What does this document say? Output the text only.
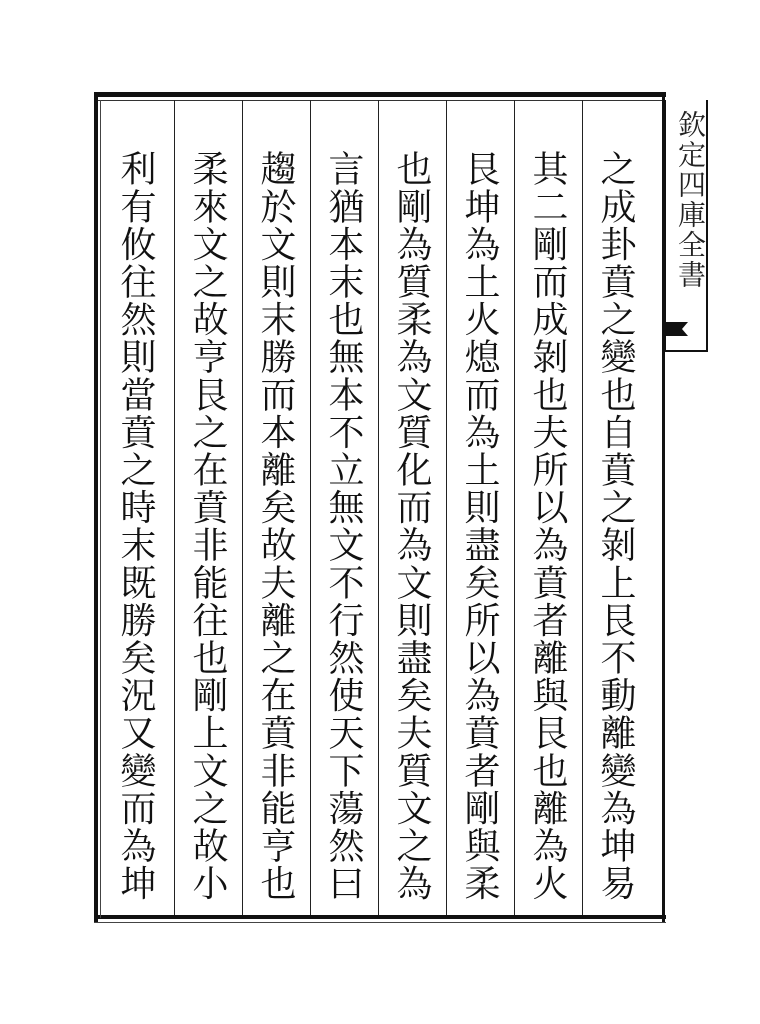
欽定四庫全書
之成卦賁之變也自賁之剝上艮不動離變為坤易
其二剛而成剝也夫所以為賁者離與艮也離為火
艮坤為土火熄而為土則盡矣所以為賁者剛與柔
也剛為質柔為文質化而為文則盡矣夫質文之為
言猶本末也無本不立無文不行然使天下蕩然曰
趨於文則末勝而本離矣故夫離之在賁非能亨也
柔來文之故亨艮之在賁非能往也剛上文之故小
利有攸往然則當賁之時末既勝矣況又變而為坤
